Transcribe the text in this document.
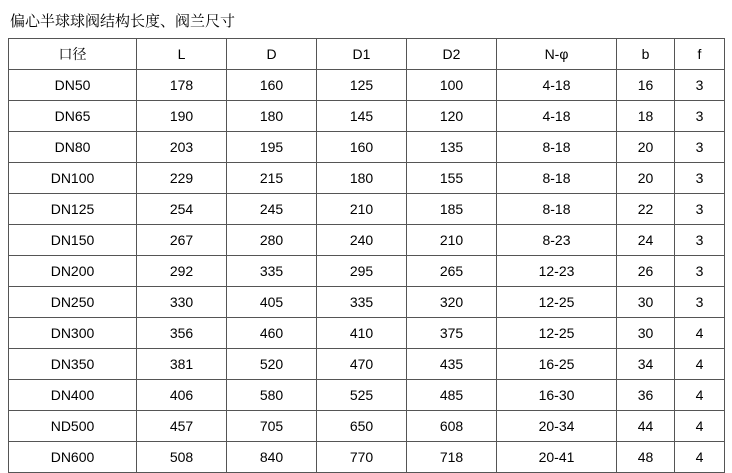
偏心半球球阀结构长度、阀兰尺寸
口径	L	D	D1	D2	N-φ	b	f
DN50	178	160	125	100	4-18	16	3
DN65	190	180	145	120	4-18	18	3
DN80	203	195	160	135	8-18	20	3
DN100	229	215	180	155	8-18	20	3
DN125	254	245	210	185	8-18	22	3
DN150	267	280	240	210	8-23	24	3
DN200	292	335	295	265	12-23	26	3
DN250	330	405	335	320	12-25	30	3
DN300	356	460	410	375	12-25	30	4
DN350	381	520	470	435	16-25	34	4
DN400	406	580	525	485	16-30	36	4
ND500	457	705	650	608	20-34	44	4
DN600	508	840	770	718	20-41	48	4
